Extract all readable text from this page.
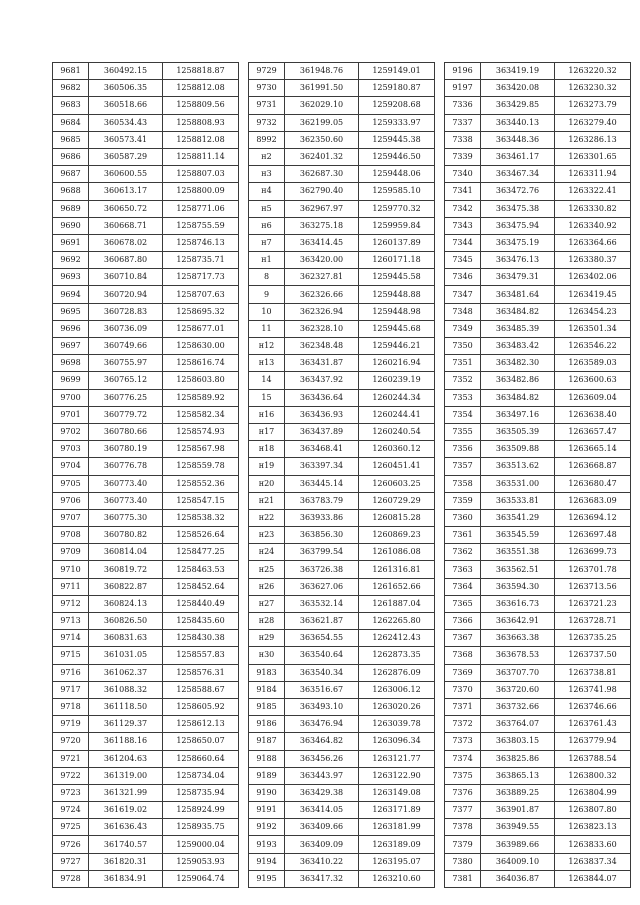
9681	360492.15	1258818.87
9682	360506.35	1258812.08
9683	360518.66	1258809.56
9684	360534.43	1258808.93
9685	360573.41	1258812.08
9686	360587.29	1258811.14
9687	360600.55	1258807.03
9688	360613.17	1258800.09
9689	360650.72	1258771.06
9690	360668.71	1258755.59
9691	360678.02	1258746.13
9692	360687.80	1258735.71
9693	360710.84	1258717.73
9694	360720.94	1258707.63
9695	360728.83	1258695.32
9696	360736.09	1258677.01
9697	360749.66	1258630.00
9698	360755.97	1258616.74
9699	360765.12	1258603.80
9700	360776.25	1258589.92
9701	360779.72	1258582.34
9702	360780.66	1258574.93
9703	360780.19	1258567.98
9704	360776.78	1258559.78
9705	360773.40	1258552.36
9706	360773.40	1258547.15
9707	360775.30	1258538.32
9708	360780.82	1258526.64
9709	360814.04	1258477.25
9710	360819.72	1258463.53
9711	360822.87	1258452.64
9712	360824.13	1258440.49
9713	360826.50	1258435.60
9714	360831.63	1258430.38
9715	361031.05	1258557.83
9716	361062.37	1258576.31
9717	361088.32	1258588.67
9718	361118.50	1258605.92
9719	361129.37	1258612.13
9720	361188.16	1258650.07
9721	361204.63	1258660.64
9722	361319.00	1258734.04
9723	361321.99	1258735.94
9724	361619.02	1258924.99
9725	361636.43	1258935.75
9726	361740.57	1259000.04
9727	361820.31	1259053.93
9728	361834.91	1259064.74
9729	361948.76	1259149.01
9730	361991.50	1259180.87
9731	362029.10	1259208.68
9732	362199.05	1259333.97
8992	362350.60	1259445.38
н2	362401.32	1259446.50
н3	362687.30	1259448.06
н4	362790.40	1259585.10
н5	362967.97	1259770.32
н6	363275.18	1259959.84
н7	363414.45	1260137.89
н1	363420.00	1260171.18
8	362327.81	1259445.58
9	362326.66	1259448.88
10	362326.94	1259448.98
11	362328.10	1259445.68
н12	362348.48	1259446.21
н13	363431.87	1260216.94
14	363437.92	1260239.19
15	363436.64	1260244.34
н16	363436.93	1260244.41
н17	363437.89	1260240.54
н18	363468.41	1260360.12
н19	363397.34	1260451.41
н20	363445.14	1260603.25
н21	363783.79	1260729.29
н22	363933.86	1260815.28
н23	363856.30	1260869.23
н24	363799.54	1261086.08
н25	363726.38	1261316.81
н26	363627.06	1261652.66
н27	363532.14	1261887.04
н28	363621.87	1262265.80
н29	363654.55	1262412.43
н30	363540.64	1262873.35
9183	363540.34	1262876.09
9184	363516.67	1263006.12
9185	363493.10	1263020.26
9186	363476.94	1263039.78
9187	363464.82	1263096.34
9188	363456.26	1263121.77
9189	363443.97	1263122.90
9190	363429.38	1263149.08
9191	363414.05	1263171.89
9192	363409.66	1263181.99
9193	363409.09	1263189.09
9194	363410.22	1263195.07
9195	363417.32	1263210.60
9196	363419.19	1263220.32
9197	363420.08	1263230.32
7336	363429.85	1263273.79
7337	363440.13	1263279.40
7338	363448.36	1263286.13
7339	363461.17	1263301.65
7340	363467.34	1263311.94
7341	363472.76	1263322.41
7342	363475.38	1263330.82
7343	363475.94	1263340.92
7344	363475.19	1263364.66
7345	363476.13	1263380.37
7346	363479.31	1263402.06
7347	363481.64	1263419.45
7348	363484.82	1263454.23
7349	363485.39	1263501.34
7350	363483.42	1263546.22
7351	363482.30	1263589.03
7352	363482.86	1263600.63
7353	363484.82	1263609.04
7354	363497.16	1263638.40
7355	363505.39	1263657.47
7356	363509.88	1263665.14
7357	363513.62	1263668.87
7358	363531.00	1263680.47
7359	363533.81	1263683.09
7360	363541.29	1263694.12
7361	363545.59	1263697.48
7362	363551.38	1263699.73
7363	363562.51	1263701.78
7364	363594.30	1263713.56
7365	363616.73	1263721.23
7366	363642.91	1263728.71
7367	363663.38	1263735.25
7368	363678.53	1263737.50
7369	363707.70	1263738.81
7370	363720.60	1263741.98
7371	363732.66	1263746.66
7372	363764.07	1263761.43
7373	363803.15	1263779.94
7374	363825.86	1263788.54
7375	363865.13	1263800.32
7376	363889.25	1263804.99
7377	363901.87	1263807.80
7378	363949.55	1263823.13
7379	363989.66	1263833.60
7380	364009.10	1263837.34
7381	364036.87	1263844.07
